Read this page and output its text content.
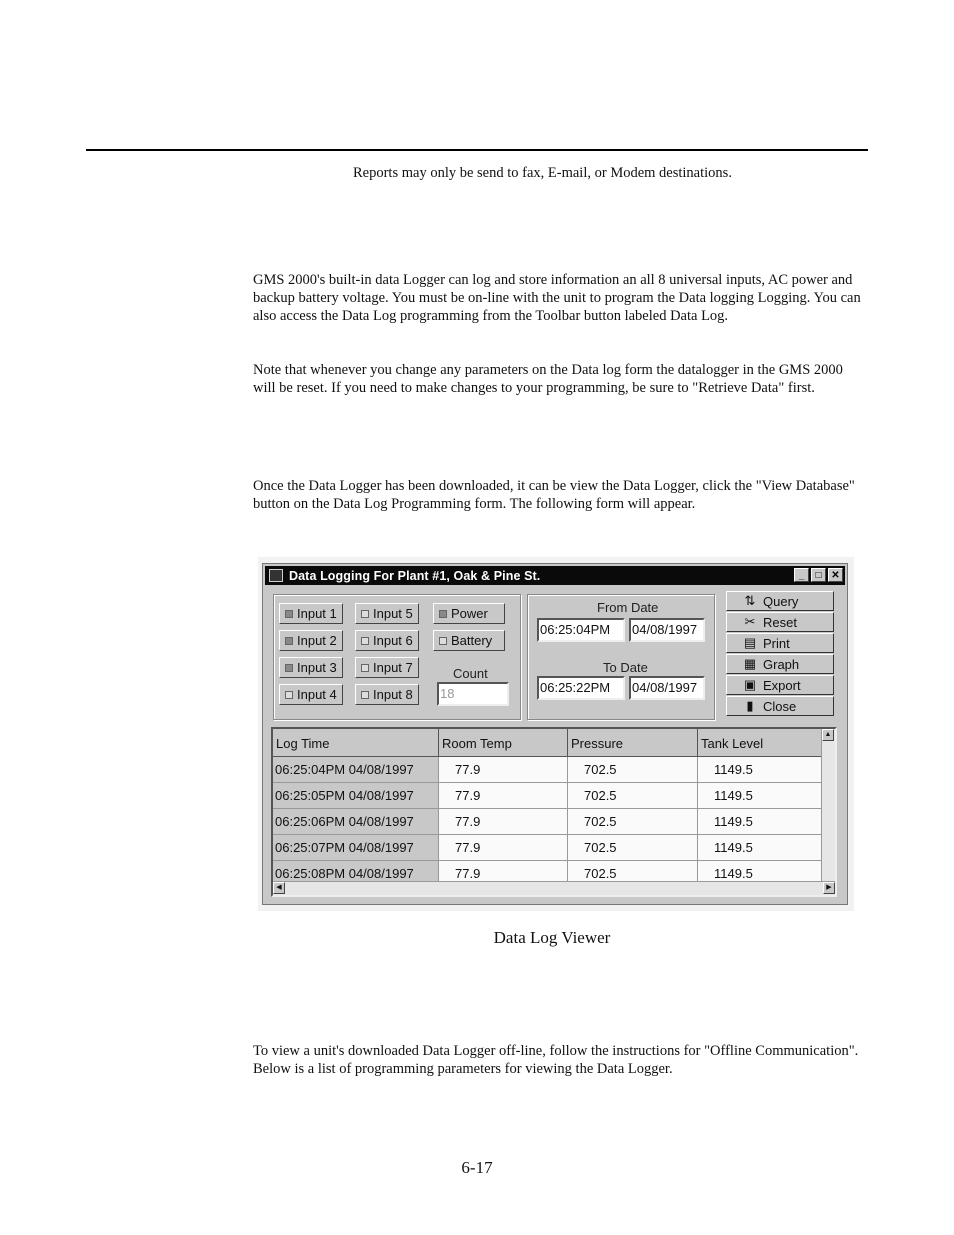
Reports may only be send to fax, E-mail, or Modem destinations.

GMS 2000's built-in data Logger can log and store information an all 8 universal inputs, AC power and backup battery voltage. You must be on-line with the unit to program the Data logging Logging. You can also access the Data Log programming from the Toolbar button labeled Data Log.

Note that whenever you change any parameters on the Data log form the datalogger in the GMS 2000 will be reset. If you need to make changes to your programming, be sure to "Retrieve Data" first.

Once the Data Logger has been downloaded, it can be view the Data Logger, click the "View Database" button on the Data Log Programming form. The following form will appear.

Data Logging For Plant #1, Oak & Pine St.	_	□ ✕
Input 1
Input 2
Input 3
Input 4
Input 5
Input 6
Input 7
Input 8
Power
Battery
Count
18
From Date
06:25:04PM	04/08/1997
To Date
06:25:22PM	04/08/1997
⇅ Query
✂ Reset
▤ Print
▦ Graph
▣ Export
▮ Close
Log Time	Room Temp	Pressure	Tank Level
06:25:04PM 04/08/1997	77.9	702.5	1149.5
06:25:05PM 04/08/1997	77.9	702.5	1149.5
06:25:06PM 04/08/1997	77.9	702.5	1149.5
06:25:07PM 04/08/1997	77.9	702.5	1149.5
06:25:08PM 04/08/1997	77.9	702.5	1149.5
▲
◀	▶
Data Log Viewer

To view a unit's downloaded Data Logger off-line, follow the instructions for "Offline Communication". Below is a list of programming parameters for viewing the Data Logger.

6-17
